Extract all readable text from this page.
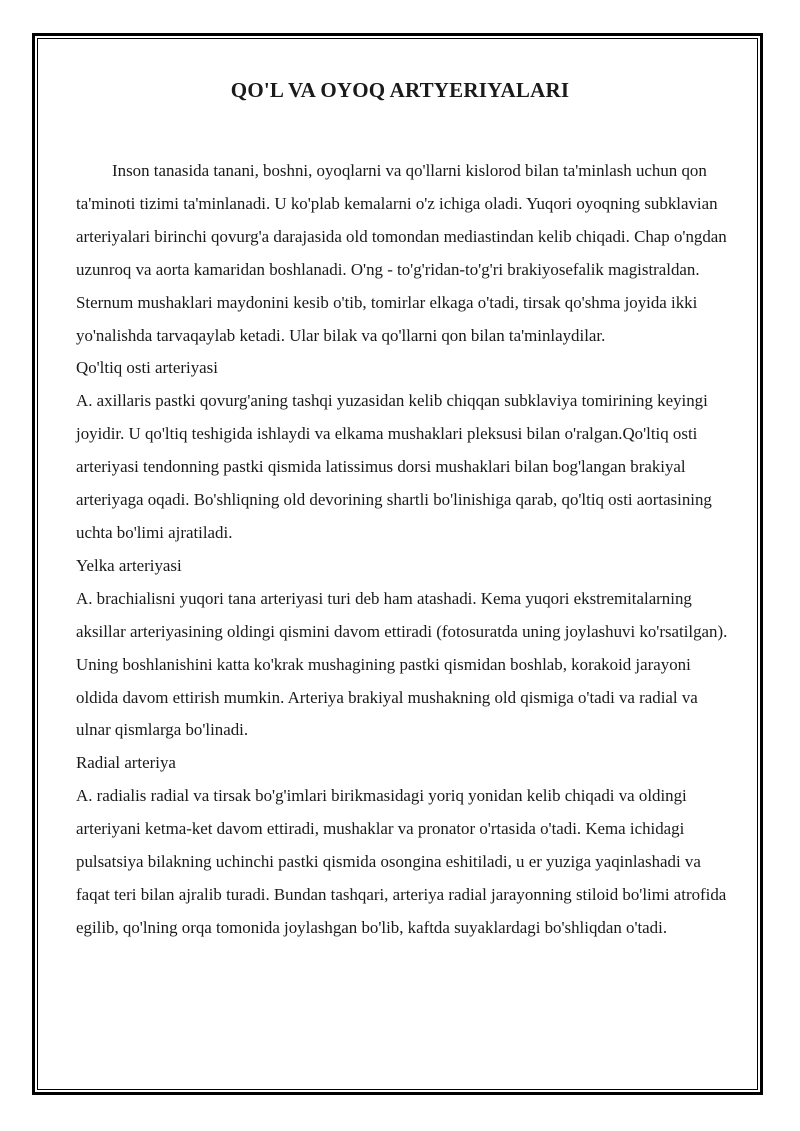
QO'L VA OYOQ ARTYERIYALARI

Inson tanasida tanani, boshni, oyoqlarni va qo'llarni kislorod bilan ta'minlash uchun qon ta'minoti tizimi ta'minlanadi. U ko'plab kemalarni o'z ichiga oladi. Yuqori oyoqning subklavian arteriyalari birinchi qovurg'a darajasida old tomondan mediastindan kelib chiqadi. Chap o'ngdan uzunroq va aorta kamaridan boshlanadi. O'ng - to'g'ridan-to'g'ri brakiyosefalik magistraldan.

Sternum mushaklari maydonini kesib o'tib, tomirlar elkaga o'tadi, tirsak qo'shma joyida ikki yo'nalishda tarvaqaylab ketadi. Ular bilak va qo'llarni qon bilan ta'minlaydilar.

Qo'ltiq osti arteriyasi

A. axillaris pastki qovurg'aning tashqi yuzasidan kelib chiqqan subklaviya tomirining keyingi joyidir. U qo'ltiq teshigida ishlaydi va elkama mushaklari pleksusi bilan o'ralgan.Qo'ltiq osti arteriyasi tendonning pastki qismida latissimus dorsi mushaklari bilan bog'langan brakiyal arteriyaga oqadi. Bo'shliqning old devorining shartli bo'linishiga qarab, qo'ltiq osti aortasining uchta bo'limi ajratiladi.

Yelka arteriyasi

A. brachialisni yuqori tana arteriyasi turi deb ham atashadi. Kema yuqori ekstremitalarning aksillar arteriyasining oldingi qismini davom ettiradi (fotosuratda uning joylashuvi ko'rsatilgan). Uning boshlanishini katta ko'krak mushagining pastki qismidan boshlab, korakoid jarayoni oldida davom ettirish mumkin. Arteriya brakiyal mushakning old qismiga o'tadi va radial va ulnar qismlarga bo'linadi.

Radial arteriya

A. radialis radial va tirsak bo'g'imlari birikmasidagi yoriq yonidan kelib chiqadi va oldingi arteriyani ketma-ket davom ettiradi, mushaklar va pronator o'rtasida o'tadi. Kema ichidagi pulsatsiya bilakning uchinchi pastki qismida osongina eshitiladi, u er yuziga yaqinlashadi va faqat teri bilan ajralib turadi. Bundan tashqari, arteriya radial jarayonning stiloid bo'limi atrofida egilib, qo'lning orqa tomonida joylashgan bo'lib, kaftda suyaklardagi bo'shliqdan o'tadi.
